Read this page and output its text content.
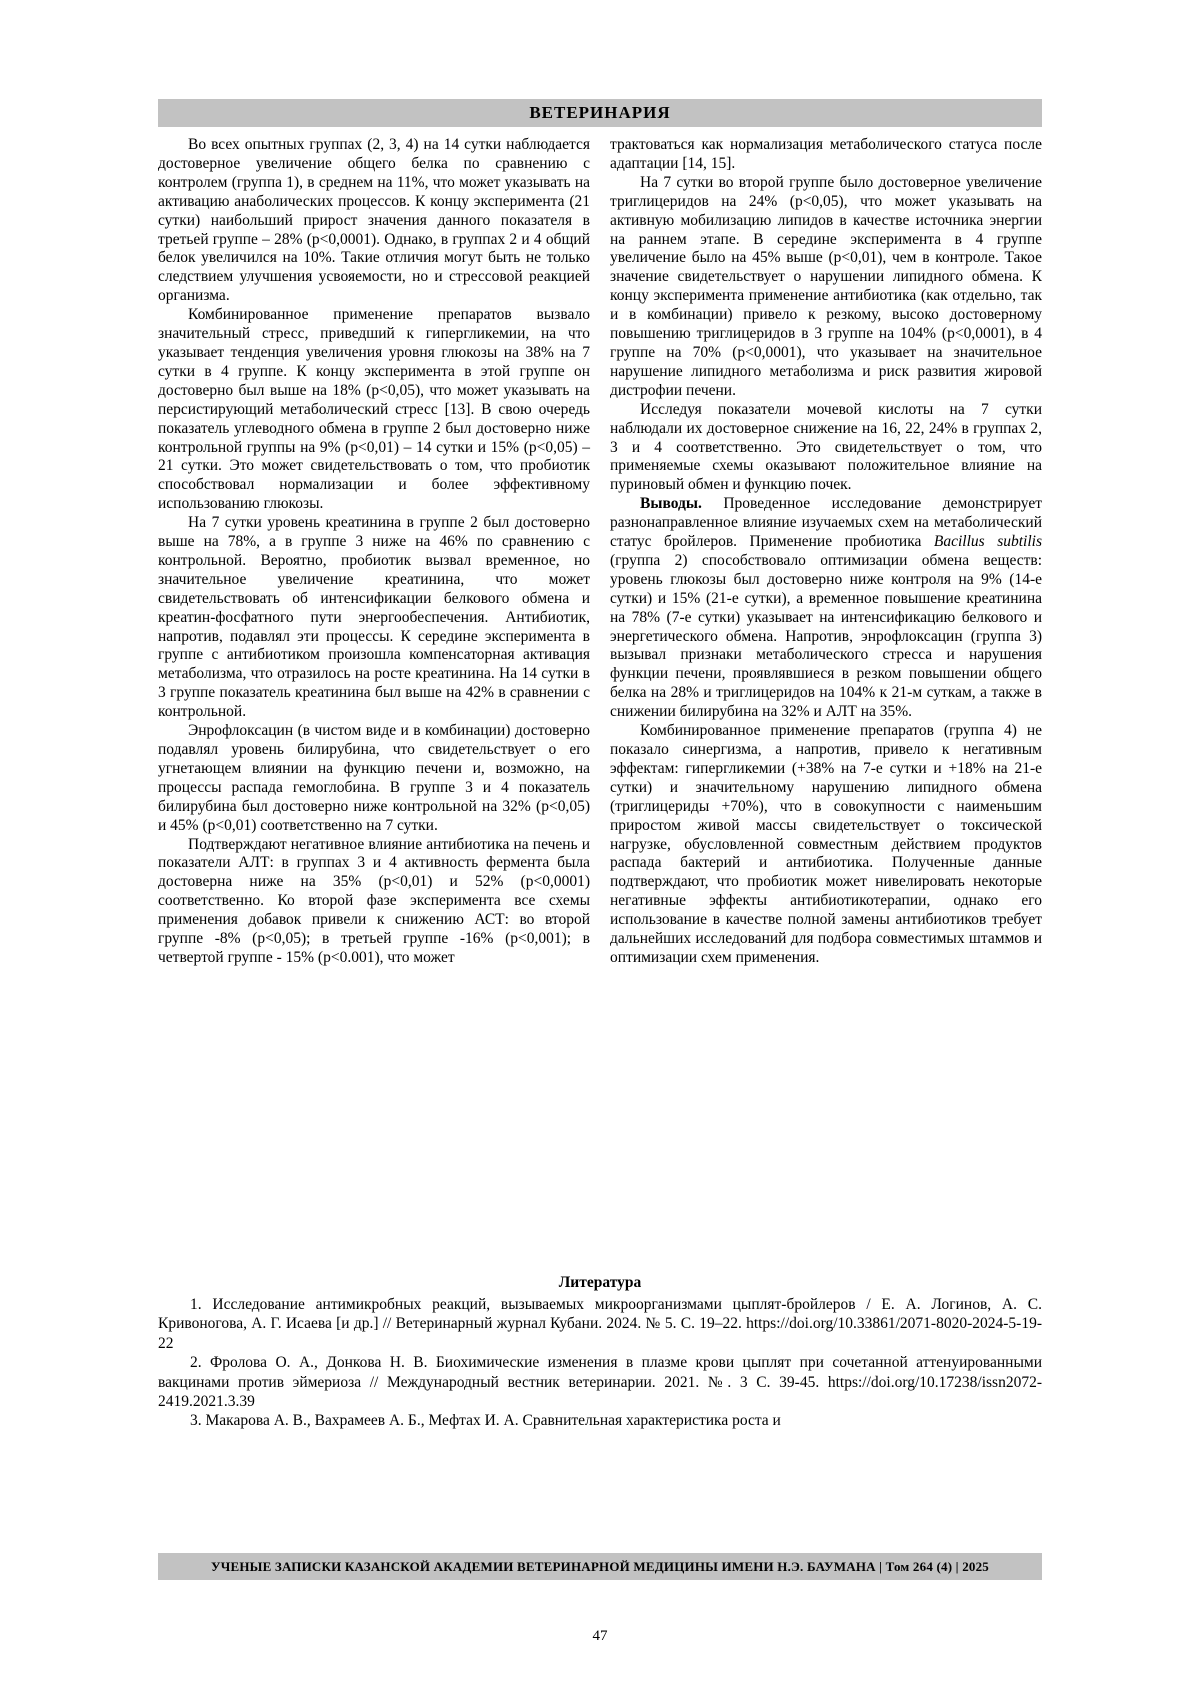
ВЕТЕРИНАРИЯ

Во всех опытных группах (2, 3, 4) на 14 сутки наблюдается достоверное увеличение общего белка по сравнению с контролем (группа 1), в среднем на 11%, что может указывать на активацию анаболических процессов. К концу эксперимента (21 сутки) наибольший прирост значения данного показателя в третьей группе – 28% (р<0,0001). Однако, в группах 2 и 4 общий белок увеличился на 10%. Такие отличия могут быть не только следствием улучшения усвояемости, но и стрессовой реакцией организма.

Комбинированное применение препаратов вызвало значительный стресс, приведший к гипергликемии, на что указывает тенденция увеличения уровня глюкозы на 38% на 7 сутки в 4 группе. К концу эксперимента в этой группе он достоверно был выше на 18% (р<0,05), что может указывать на персистирующий метаболический стресс [13]. В свою очередь показатель углеводного обмена в группе 2 был достоверно ниже контрольной группы на 9% (р<0,01) – 14 сутки и 15% (р<0,05) – 21 сутки. Это может свидетельствовать о том, что пробиотик способствовал нормализации и более эффективному использованию глюкозы.

На 7 сутки уровень креатинина в группе 2 был достоверно выше на 78%, а в группе 3 ниже на 46% по сравнению с контрольной. Вероятно, пробиотик вызвал временное, но значительное увеличение креатинина, что может свидетельствовать об интенсификации белкового обмена и креатин-фосфатного пути энергообеспечения. Антибиотик, напротив, подавлял эти процессы. К середине эксперимента в группе с антибиотиком произошла компенсаторная активация метаболизма, что отразилось на росте креатинина. На 14 сутки в 3 группе показатель креатинина был выше на 42% в сравнении с контрольной.

Энрофлоксацин (в чистом виде и в комбинации) достоверно подавлял уровень билирубина, что свидетельствует о его угнетающем влиянии на функцию печени и, возможно, на процессы распада гемоглобина. В группе 3 и 4 показатель билирубина был достоверно ниже контрольной на 32% (р<0,05) и 45% (р<0,01) соответственно на 7 сутки.

Подтверждают негативное влияние антибиотика на печень и показатели АЛТ: в группах 3 и 4 активность фермента была достоверна ниже на 35% (р<0,01) и 52% (р<0,0001) соответственно. Ко второй фазе эксперимента все схемы применения добавок привели к снижению АСТ: во второй группе -8% (р<0,05); в третьей группе -16% (р<0,001); в четвертой группе - 15% (р<0.001), что может

трактоваться как нормализация метаболического статуса после адаптации [14, 15].

На 7 сутки во второй группе было достоверное увеличение триглицеридов на 24% (р<0,05), что может указывать на активную мобилизацию липидов в качестве источника энергии на раннем этапе. В середине эксперимента в 4 группе увеличение было на 45% выше (р<0,01), чем в контроле. Такое значение свидетельствует о нарушении липидного обмена. К концу эксперимента применение антибиотика (как отдельно, так и в комбинации) привело к резкому, высоко достоверному повышению триглицеридов в 3 группе на 104% (р<0,0001), в 4 группе на 70% (р<0,0001), что указывает на значительное нарушение липидного метаболизма и риск развития жировой дистрофии печени.

Исследуя показатели мочевой кислоты на 7 сутки наблюдали их достоверное снижение на 16, 22, 24% в группах 2, 3 и 4 соответственно. Это свидетельствует о том, что применяемые схемы оказывают положительное влияние на пуриновый обмен и функцию почек.

Выводы. Проведенное исследование демонстрирует разнонаправленное влияние изучаемых схем на метаболический статус бройлеров. Применение пробиотика Bacillus subtilis (группа 2) способствовало оптимизации обмена веществ: уровень глюкозы был достоверно ниже контроля на 9% (14-е сутки) и 15% (21-е сутки), а временное повышение креатинина на 78% (7-е сутки) указывает на интенсификацию белкового и энергетического обмена. Напротив, энрофлоксацин (группа 3) вызывал признаки метаболического стресса и нарушения функции печени, проявлявшиеся в резком повышении общего белка на 28% и триглицеридов на 104% к 21-м суткам, а также в снижении билирубина на 32% и АЛТ на 35%.

Комбинированное применение препаратов (группа 4) не показало синергизма, а напротив, привело к негативным эффектам: гипергликемии (+38% на 7-е сутки и +18% на 21-е сутки) и значительному нарушению липидного обмена (триглицериды +70%), что в совокупности с наименьшим приростом живой массы свидетельствует о токсической нагрузке, обусловленной совместным действием продуктов распада бактерий и антибиотика. Полученные данные подтверждают, что пробиотик может нивелировать некоторые негативные эффекты антибиотикотерапии, однако его использование в качестве полной замены антибиотиков требует дальнейших исследований для подбора совместимых штаммов и оптимизации схем применения.

Литература

1. Исследование антимикробных реакций, вызываемых микроорганизмами цыплят-бройлеров / Е. А. Логинов, А. С. Кривоногова, А. Г. Исаева [и др.] // Ветеринарный журнал Кубани. 2024. № 5. С. 19–22. https://doi.org/10.33861/2071-8020-2024-5-19-22

2. Фролова О. А., Донкова Н. В. Биохимические изменения в плазме крови цыплят при сочетанной аттенуированными вакцинами против эймериоза // Международный вестник ветеринарии. 2021. №. 3 С. 39-45. https://doi.org/10.17238/issn2072-2419.2021.3.39

3. Макарова А. В., Вахрамеев А. Б., Мефтах И. А. Сравнительная характеристика роста и

УЧЕНЫЕ ЗАПИСКИ КАЗАНСКОЙ АКАДЕМИИ ВЕТЕРИНАРНОЙ МЕДИЦИНЫ ИМЕНИ Н.Э. БАУМАНА | Том 264 (4) | 2025
47
